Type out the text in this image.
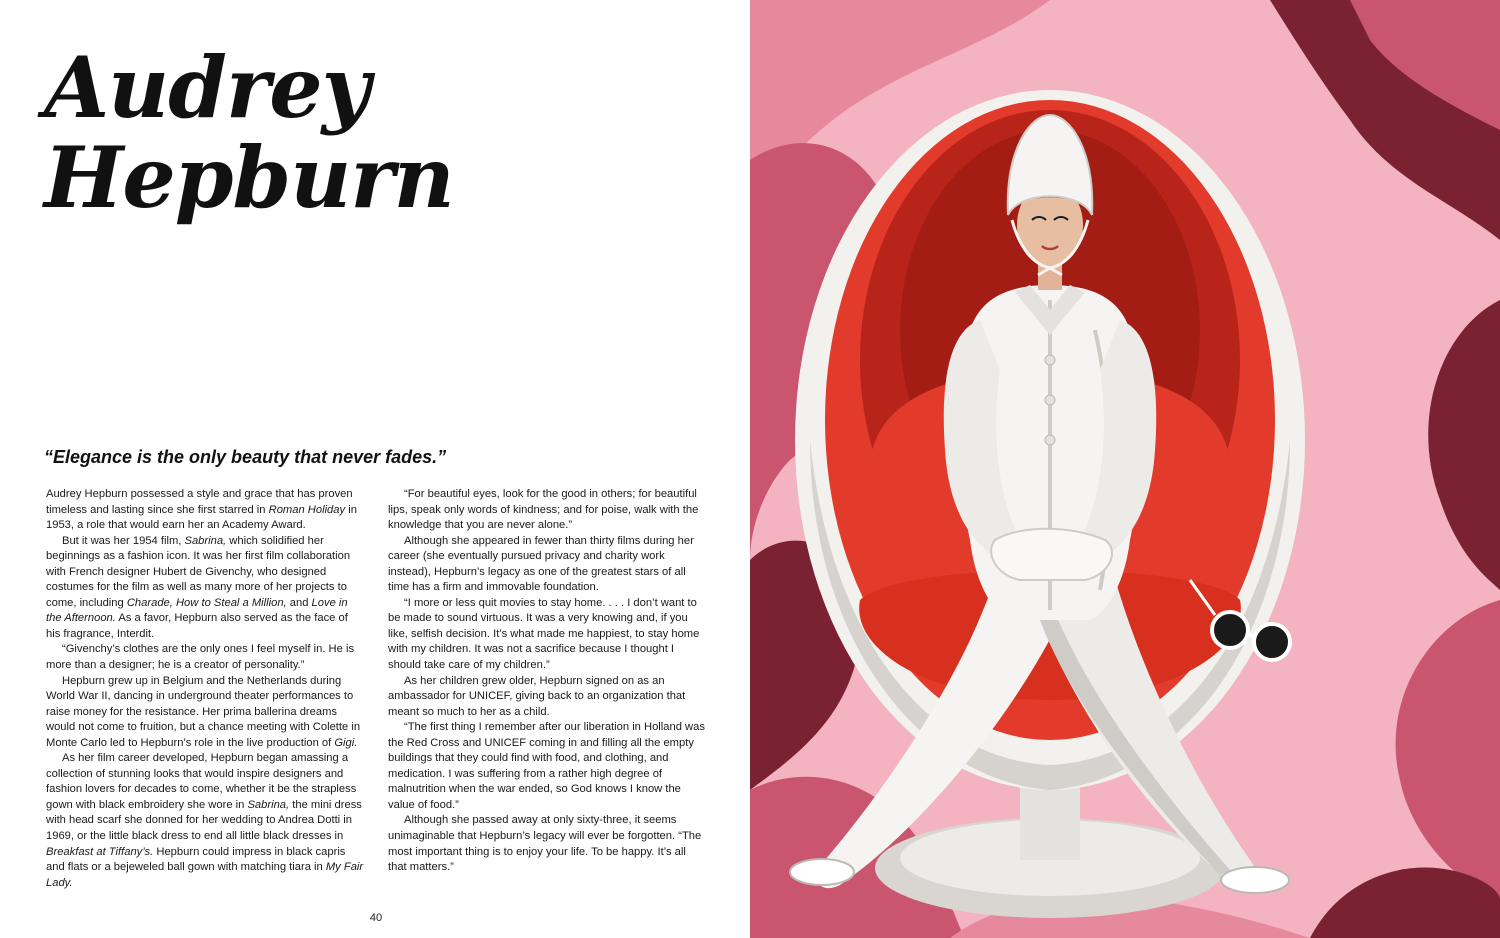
Audrey
Hepburn

“Elegance is the only beauty that never fades.”

Audrey Hepburn possessed a style and grace that has proven timeless and lasting since she first starred in Roman Holiday in 1953, a role that would earn her an Academy Award.

But it was her 1954 film, Sabrina, which solidified her beginnings as a fashion icon. It was her first film collaboration with French designer Hubert de Givenchy, who designed costumes for the film as well as many more of her projects to come, including Charade, How to Steal a Million, and Love in the Afternoon. As a favor, Hepburn also served as the face of his fragrance, Interdit.

“Givenchy’s clothes are the only ones I feel myself in. He is more than a designer; he is a creator of personality.”

Hepburn grew up in Belgium and the Netherlands during World War II, dancing in underground theater performances to raise money for the resistance. Her prima ballerina dreams would not come to fruition, but a chance meeting with Colette in Monte Carlo led to Hepburn’s role in the live production of Gigi.

As her film career developed, Hepburn began amassing a collection of stunning looks that would inspire designers and fashion lovers for decades to come, whether it be the strapless gown with black embroidery she wore in Sabrina, the mini dress with head scarf she donned for her wedding to Andrea Dotti in 1969, or the little black dress to end all little black dresses in Breakfast at Tiffany’s. Hepburn could impress in black capris and flats or a bejeweled ball gown with matching tiara in My Fair Lady.

“For beautiful eyes, look for the good in others; for beautiful lips, speak only words of kindness; and for poise, walk with the knowledge that you are never alone.”

Although she appeared in fewer than thirty films during her career (she eventually pursued privacy and charity work instead), Hepburn’s legacy as one of the greatest stars of all time has a firm and immovable foundation.

“I more or less quit movies to stay home. . . . I don’t want to be made to sound virtuous. It was a very knowing and, if you like, selfish decision. It’s what made me happiest, to stay home with my children. It was not a sacrifice because I thought I should take care of my children.”

As her children grew older, Hepburn signed on as an ambassador for UNICEF, giving back to an organization that meant so much to her as a child.

“The first thing I remember after our liberation in Holland was the Red Cross and UNICEF coming in and filling all the empty buildings that they could find with food, and clothing, and medication. I was suffering from a rather high degree of malnutrition when the war ended, so God knows I know the value of food.”

Although she passed away at only sixty-three, it seems unimaginable that Hepburn’s legacy will ever be forgotten. “The most important thing is to enjoy your life. To be happy. It’s all that matters.”

40
